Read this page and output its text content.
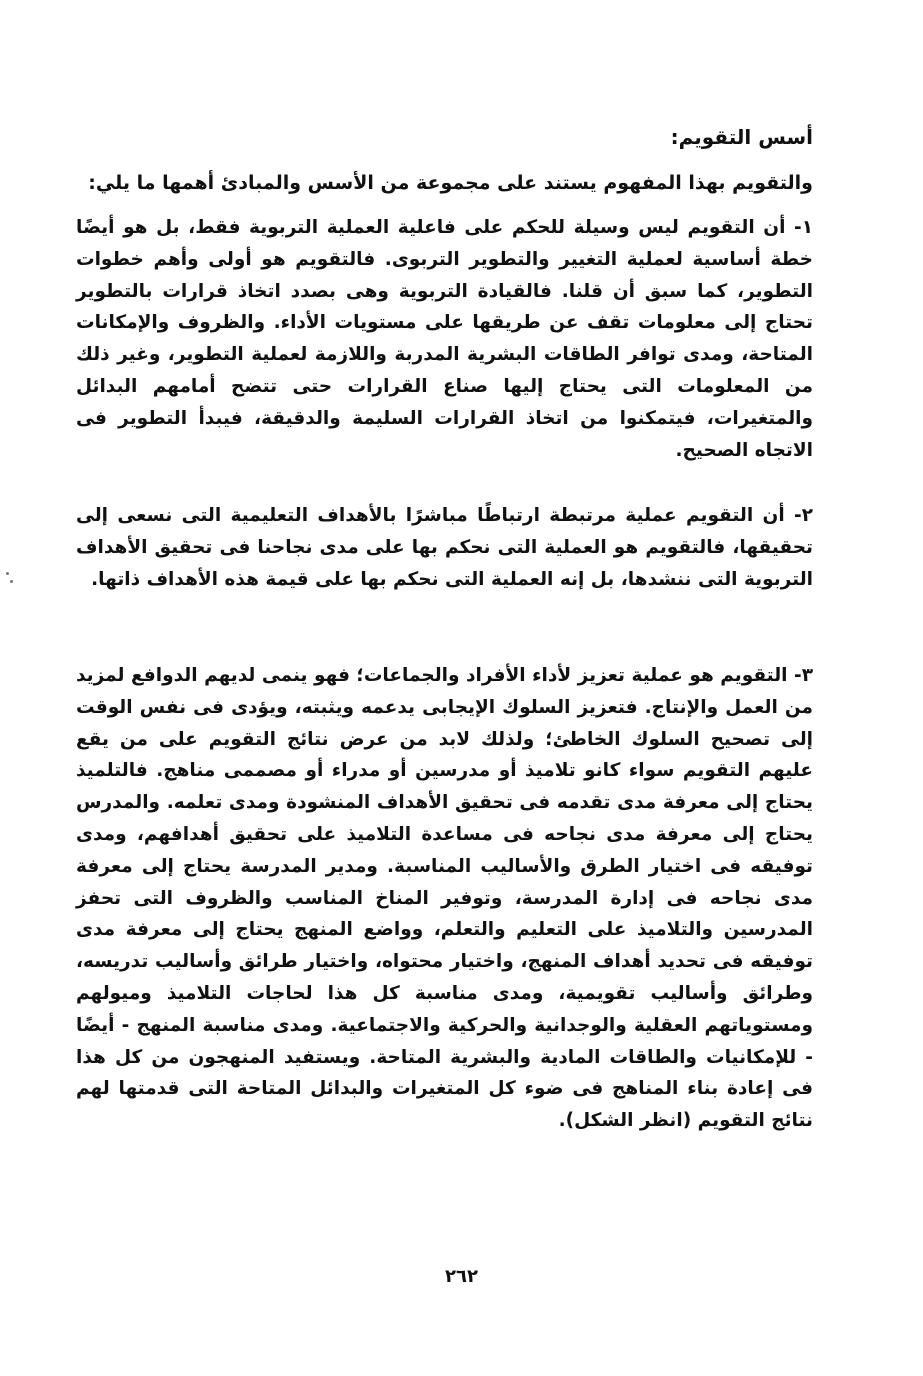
أسس التقويم:
والتقويم بهذا المفهوم يستند على مجموعة من الأسس والمبادئ أهمها ما يلي:
١- أن التقويم ليس وسيلة للحكم على فاعلية العملية التربوية فقط، بل هو أيضًا خطة أساسية لعملية التغيير والتطوير التربوى. فالتقويم هو أولى وأهم خطوات التطوير، كما سبق أن قلنا. فالقيادة التربوية وهى بصدد اتخاذ قرارات بالتطوير تحتاج إلى معلومات تقف عن طريقها على مستويات الأداء. والظروف والإمكانات المتاحة، ومدى توافر الطاقات البشرية المدربة واللازمة لعملية التطوير، وغير ذلك من المعلومات التى يحتاج إليها صناع القرارات حتى تتضح أمامهم البدائل والمتغيرات، فيتمكنوا من اتخاذ القرارات السليمة والدقيقة، فيبدأ التطوير فى الاتجاه الصحيح.
٢- أن التقويم عملية مرتبطة ارتباطًا مباشرًا بالأهداف التعليمية التى نسعى إلى تحقيقها، فالتقويم هو العملية التى نحكم بها على مدى نجاحنا فى تحقيق الأهداف التربوية التى ننشدها، بل إنه العملية التى نحكم بها على قيمة هذه الأهداف ذاتها.
٣- التقويم هو عملية تعزيز لأداء الأفراد والجماعات؛ فهو ينمى لديهم الدوافع لمزيد من العمل والإنتاج. فتعزيز السلوك الإيجابى يدعمه ويثبته، ويؤدى فى نفس الوقت إلى تصحيح السلوك الخاطئ؛ ولذلك لابد من عرض نتائج التقويم على من يقع عليهم التقويم سواء كانو تلاميذ أو مدرسين أو مدراء أو مصممى مناهج. فالتلميذ يحتاج إلى معرفة مدى تقدمه فى تحقيق الأهداف المنشودة ومدى تعلمه. والمدرس يحتاج إلى معرفة مدى نجاحه فى مساعدة التلاميذ على تحقيق أهدافهم، ومدى توفيقه فى اختيار الطرق والأساليب المناسبة. ومدير المدرسة يحتاج إلى معرفة مدى نجاحه فى إدارة المدرسة، وتوفير المناخ المناسب والظروف التى تحفز المدرسين والتلاميذ على التعليم والتعلم، وواضع المنهج يحتاج إلى معرفة مدى توفيقه فى تحديد أهداف المنهج، واختيار محتواه، واختيار طرائق وأساليب تدريسه، وطرائق وأساليب تقويمية، ومدى مناسبة كل هذا لحاجات التلاميذ وميولهم ومستوياتهم العقلية والوجدانية والحركية والاجتماعية. ومدى مناسبة المنهج - أيضًا - للإمكانيات والطاقات المادية والبشرية المتاحة. ويستفيد المنهجون من كل هذا فى إعادة بناء المناهج فى ضوء كل المتغيرات والبدائل المتاحة التى قدمتها لهم نتائج التقويم (انظر الشكل).
٢٦٢
